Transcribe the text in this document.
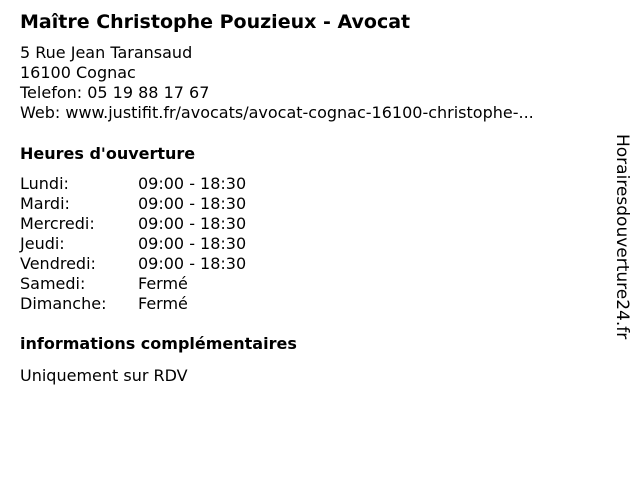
Maître Christophe Pouzieux - Avocat
5 Rue Jean Taransaud
16100 Cognac
Telefon: 05 19 88 17 67
Web: www.justifit.fr/avocats/avocat-cognac-16100-christophe-...
Heures d'ouverture
Lundi:	09:00 - 18:30
Mardi:	09:00 - 18:30
Mercredi:	09:00 - 18:30
Jeudi:	09:00 - 18:30
Vendredi:	09:00 - 18:30
Samedi:	Fermé
Dimanche: Fermé
informations complémentaires
Uniquement sur RDV
Horairesdouverture24.fr
